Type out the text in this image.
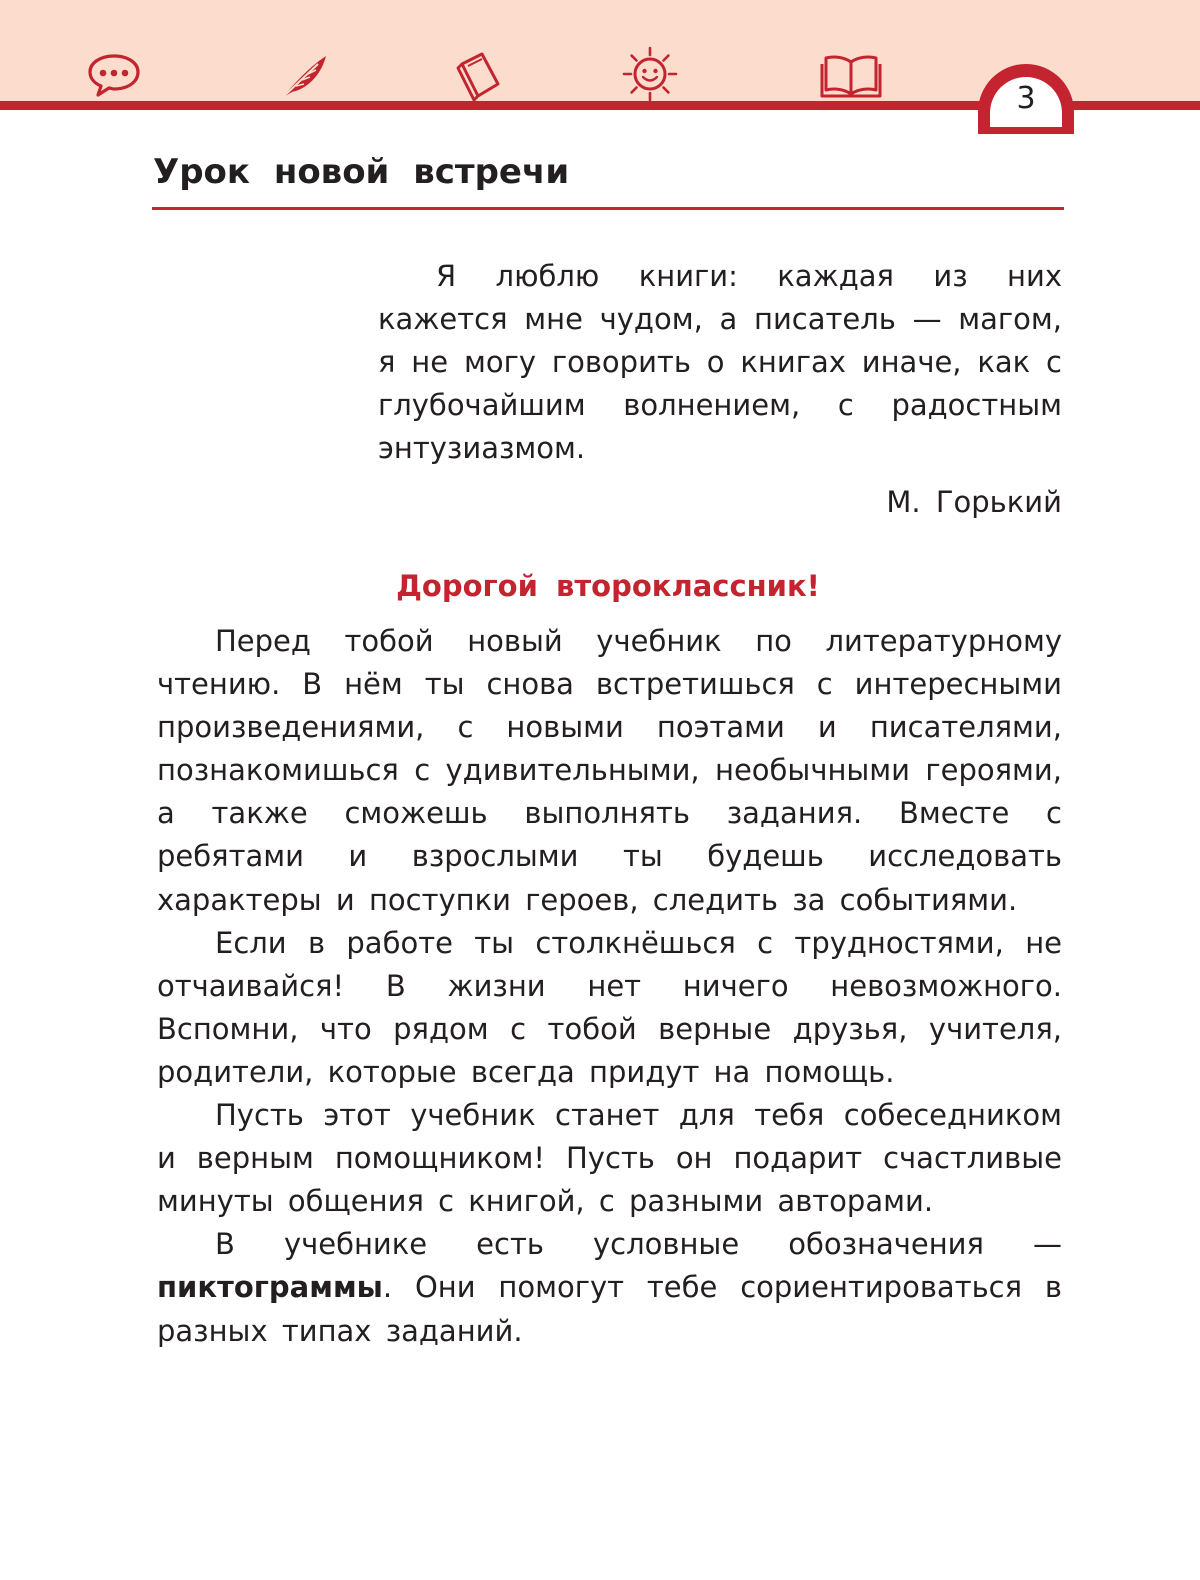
3
Урок новой встречи

Я люблю книги: каждая из них кажется мне чудом, а писатель — магом, я не могу говорить о книгах иначе, как с глубочайшим волнением, с радостным энтузиазмом.

М. Горький
Дорогой второклассник!

Перед тобой новый учебник по литературному чтению. В нём ты снова встретишься с интересными произведениями, с новыми поэтами и писателями, познакомишься с удивительными, необычными героями, а также сможешь выполнять задания. Вместе с ребятами и взрослыми ты будешь исследовать характеры и поступки героев, следить за событиями.

Если в работе ты столкнёшься с трудностями, не отчаивайся! В жизни нет ничего невозможного. Вспомни, что рядом с тобой верные друзья, учителя, родители, которые всегда придут на помощь.

Пусть этот учебник станет для тебя собеседником и верным помощником! Пусть он подарит счастливые минуты общения с книгой, с разными авторами.

В учебнике есть условные обозначения — пиктограммы. Они помогут тебе сориентироваться в разных типах заданий.
